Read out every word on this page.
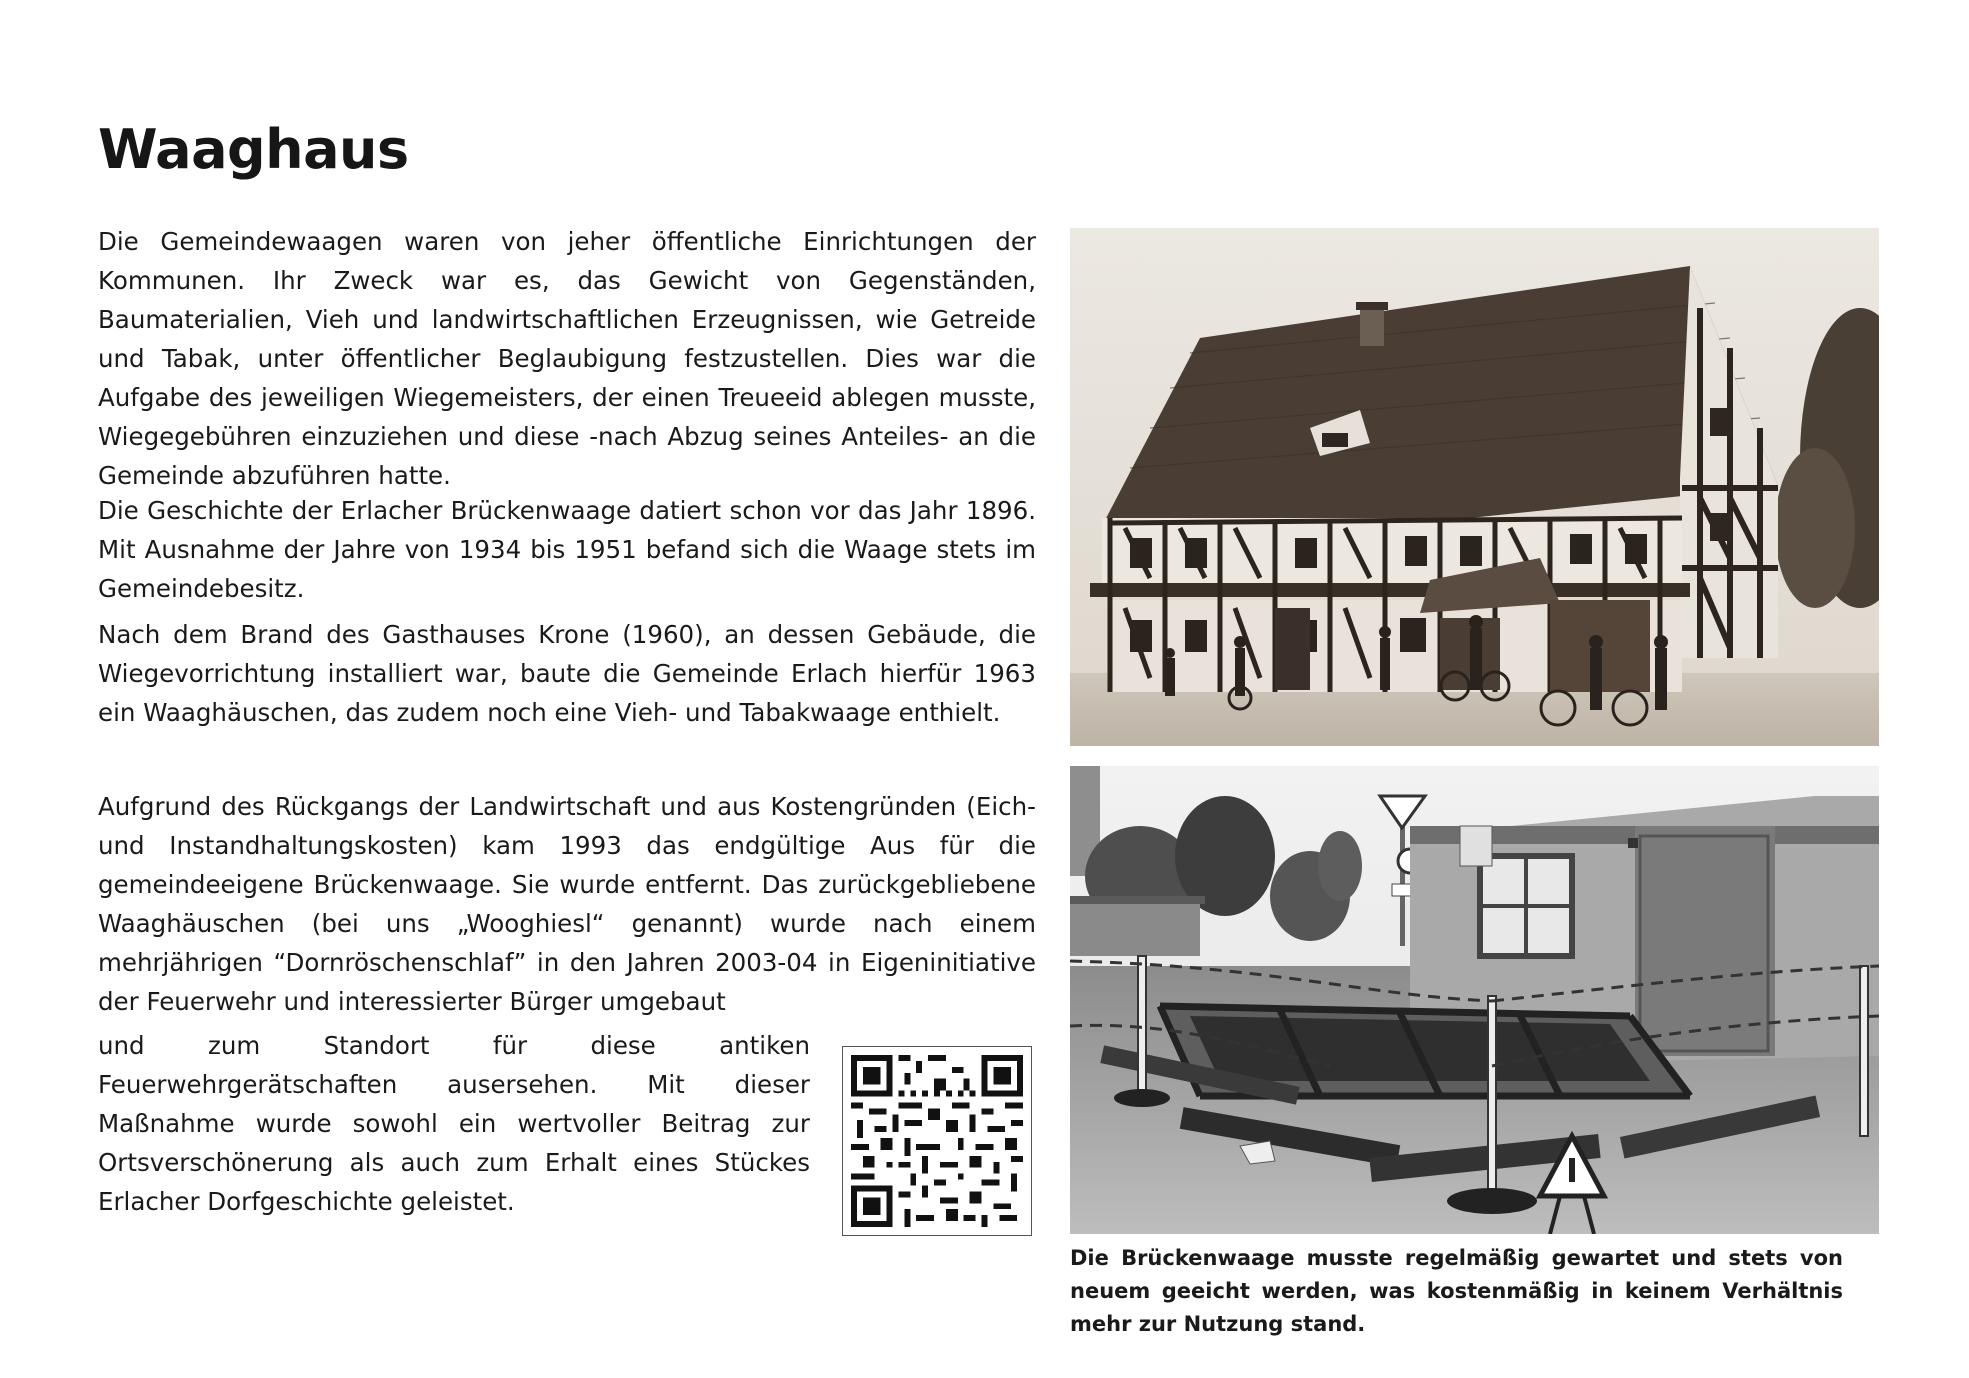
Waaghaus

Die Gemeindewaagen waren von jeher öffentliche Einrichtungen der Kommunen. Ihr Zweck war es, das Gewicht von Gegenständen, Baumaterialien, Vieh und landwirtschaftlichen Erzeugnissen, wie Getreide und Tabak, unter öffentlicher Beglaubigung festzustellen. Dies war die Aufgabe des jeweiligen Wiegemeisters, der einen Treueeid ablegen musste, Wiegegebühren einzuziehen und diese -nach Abzug seines Anteiles- an die Gemeinde abzuführen hatte.

Die Geschichte der Erlacher Brückenwaage datiert schon vor das Jahr 1896. Mit Ausnahme der Jahre von 1934 bis 1951 befand sich die Waage stets im Gemeindebesitz.

Nach dem Brand des Gasthauses Krone (1960), an dessen Gebäude, die Wiegevorrichtung installiert war, baute die Gemeinde Erlach hierfür 1963 ein Waaghäuschen, das zudem noch eine Vieh- und Tabakwaage enthielt.

Aufgrund des Rückgangs der Landwirtschaft und aus Kostengründen (Eich- und Instandhaltungskosten) kam 1993 das endgültige Aus für die gemeindeeigene Brückenwaage. Sie wurde entfernt. Das zurückgebliebene Waaghäuschen (bei uns „Wooghiesl“ genannt) wurde nach einem mehrjährigen “Dornröschenschlaf” in den Jahren 2003-04 in Eigeninitiative der Feuerwehr und interessierter Bürger umgebaut

und zum Standort für diese antiken Feuerwehrgerätschaften ausersehen. Mit dieser Maßnahme wurde sowohl ein wertvoller Beitrag zur Ortsverschönerung als auch zum Erhalt eines Stückes Erlacher Dorfgeschichte geleistet.

Die Brückenwaage musste regelmäßig gewartet und stets von neuem geeicht werden, was kostenmäßig in keinem Verhältnis mehr zur Nutzung stand.
